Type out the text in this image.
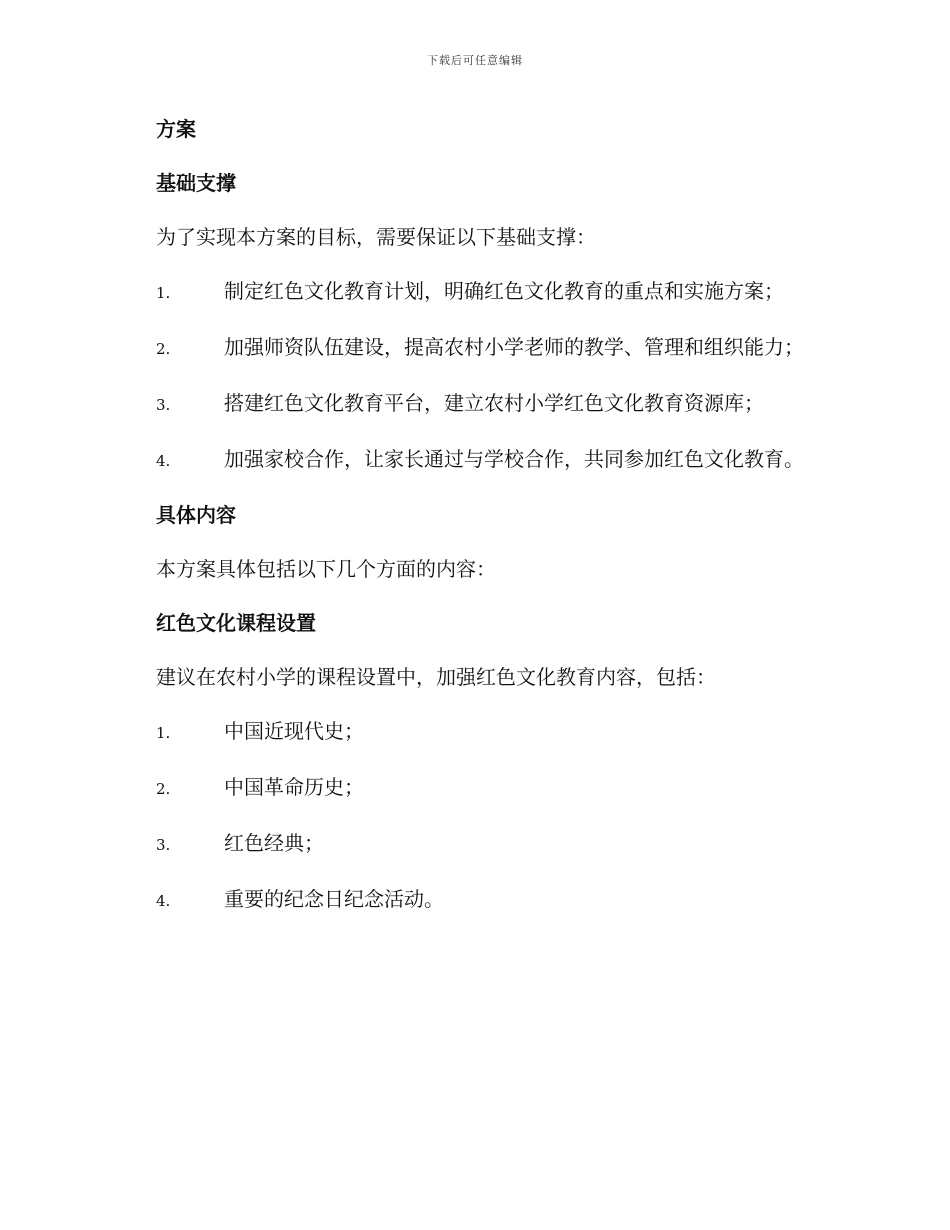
下载后可任意编辑
方案
基础支撑
为了实现本方案的目标，需要保证以下基础支撑：
1.	制定红色文化教育计划，明确红色文化教育的重点和实施方案；
2.	加强师资队伍建设，提高农村小学老师的教学、管理和组织能力；
3.	搭建红色文化教育平台，建立农村小学红色文化教育资源库；
4.	加强家校合作，让家长通过与学校合作，共同参加红色文化教育。
具体内容
本方案具体包括以下几个方面的内容：
红色文化课程设置
建议在农村小学的课程设置中，加强红色文化教育内容，包括：
1.	中国近现代史；
2.	中国革命历史；
3.	红色经典；
4.	重要的纪念日纪念活动。
